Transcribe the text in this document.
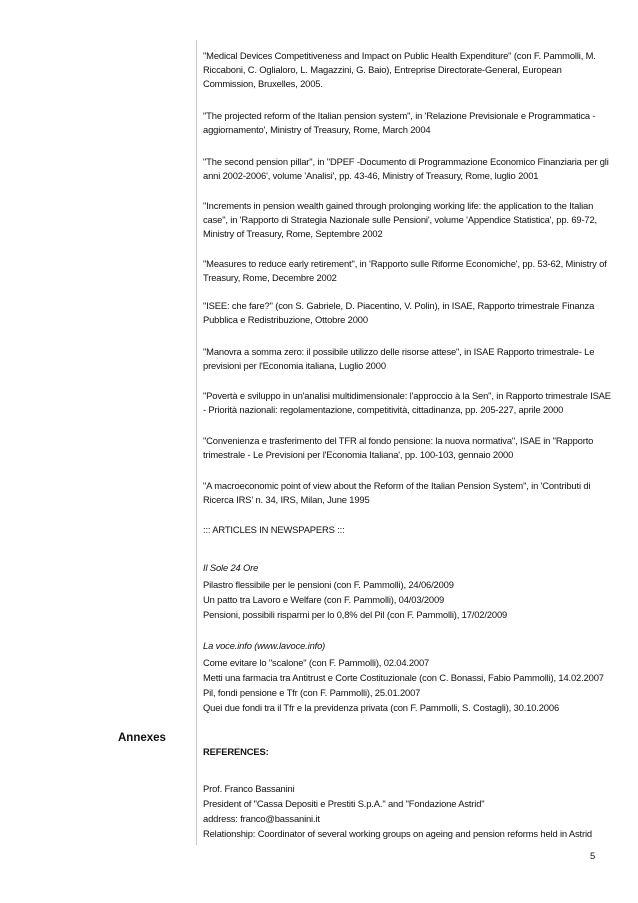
"Medical Devices Competitiveness and Impact on Public Health Expenditure" (con F. Pammolli, M.
Riccaboni, C. Oglialoro, L. Magazzini, G. Baio), Entreprise Directorate-General, European
Commission, Bruxelles, 2005.
"The projected reform of the Italian pension system", in 'Relazione Previsionale e Programmatica -
aggiornamento', Ministry of Treasury, Rome, March 2004
"The second pension pillar", in "DPEF -Documento di Programmazione Economico Finanziaria per gli
anni 2002-2006', volume 'Analisi', pp. 43-46, Ministry of Treasury, Rome, luglio 2001
"Increments in pension wealth gained through prolonging working life: the application to the Italian
case", in 'Rapporto di Strategia Nazionale sulle Pensioni', volume 'Appendice Statistica', pp. 69-72,
Ministry of Treasury, Rome, Septembre 2002
"Measures to reduce early retirement", in 'Rapporto sulle Riforme Economiche', pp. 53-62, Ministry of
Treasury, Rome, Decembre 2002
"ISEE: che fare?" (con S. Gabriele, D. Piacentino, V. Polin), in ISAE, Rapporto trimestrale Finanza
Pubblica e Redistribuzione, Ottobre 2000
"Manovra a somma zero: il possibile utilizzo delle risorse attese", in ISAE Rapporto trimestrale- Le
previsioni per l'Economia italiana, Luglio 2000
"Povertà e sviluppo in un'analisi multidimensionale: l'approccio à la Sen", in Rapporto trimestrale ISAE
- Priorità nazionali: regolamentazione, competitività, cittadinanza, pp. 205-227, aprile 2000
"Convenienza e trasferimento del TFR al fondo pensione: la nuova normativa", ISAE in "Rapporto
trimestrale - Le Previsioni per l'Economia Italiana', pp. 100-103, gennaio 2000
"A macroeconomic point of view about the Reform of the Italian Pension System", in 'Contributi di
Ricerca IRS' n. 34, IRS, Milan, June 1995
::: ARTICLES IN NEWSPAPERS :::
Il Sole 24 Ore
Pilastro flessibile per le pensioni (con F. Pammolli), 24/06/2009
Un patto tra Lavoro e Welfare (con F. Pammolli), 04/03/2009
Pensioni, possibili risparmi per lo 0,8% del Pil (con F. Pammolli), 17/02/2009
La voce.info (www.lavoce.info)
Come evitare lo "scalone" (con F. Pammolli), 02.04.2007
Metti una farmacia tra Antitrust e Corte Costituzionale (con C. Bonassi, Fabio Pammolli), 14.02.2007
Pil, fondi pensione e Tfr (con F. Pammolli), 25.01.2007
Quei due fondi tra il Tfr e la previdenza privata (con F. Pammolli, S. Costagli), 30.10.2006
REFERENCES:
Prof. Franco Bassanini
President of "Cassa Depositi e Prestiti S.p.A." and "Fondazione Astrid"
address: franco@bassanini.it
Relationship: Coordinator of several working groups on ageing and pension reforms held in Astrid
Annexes
5
